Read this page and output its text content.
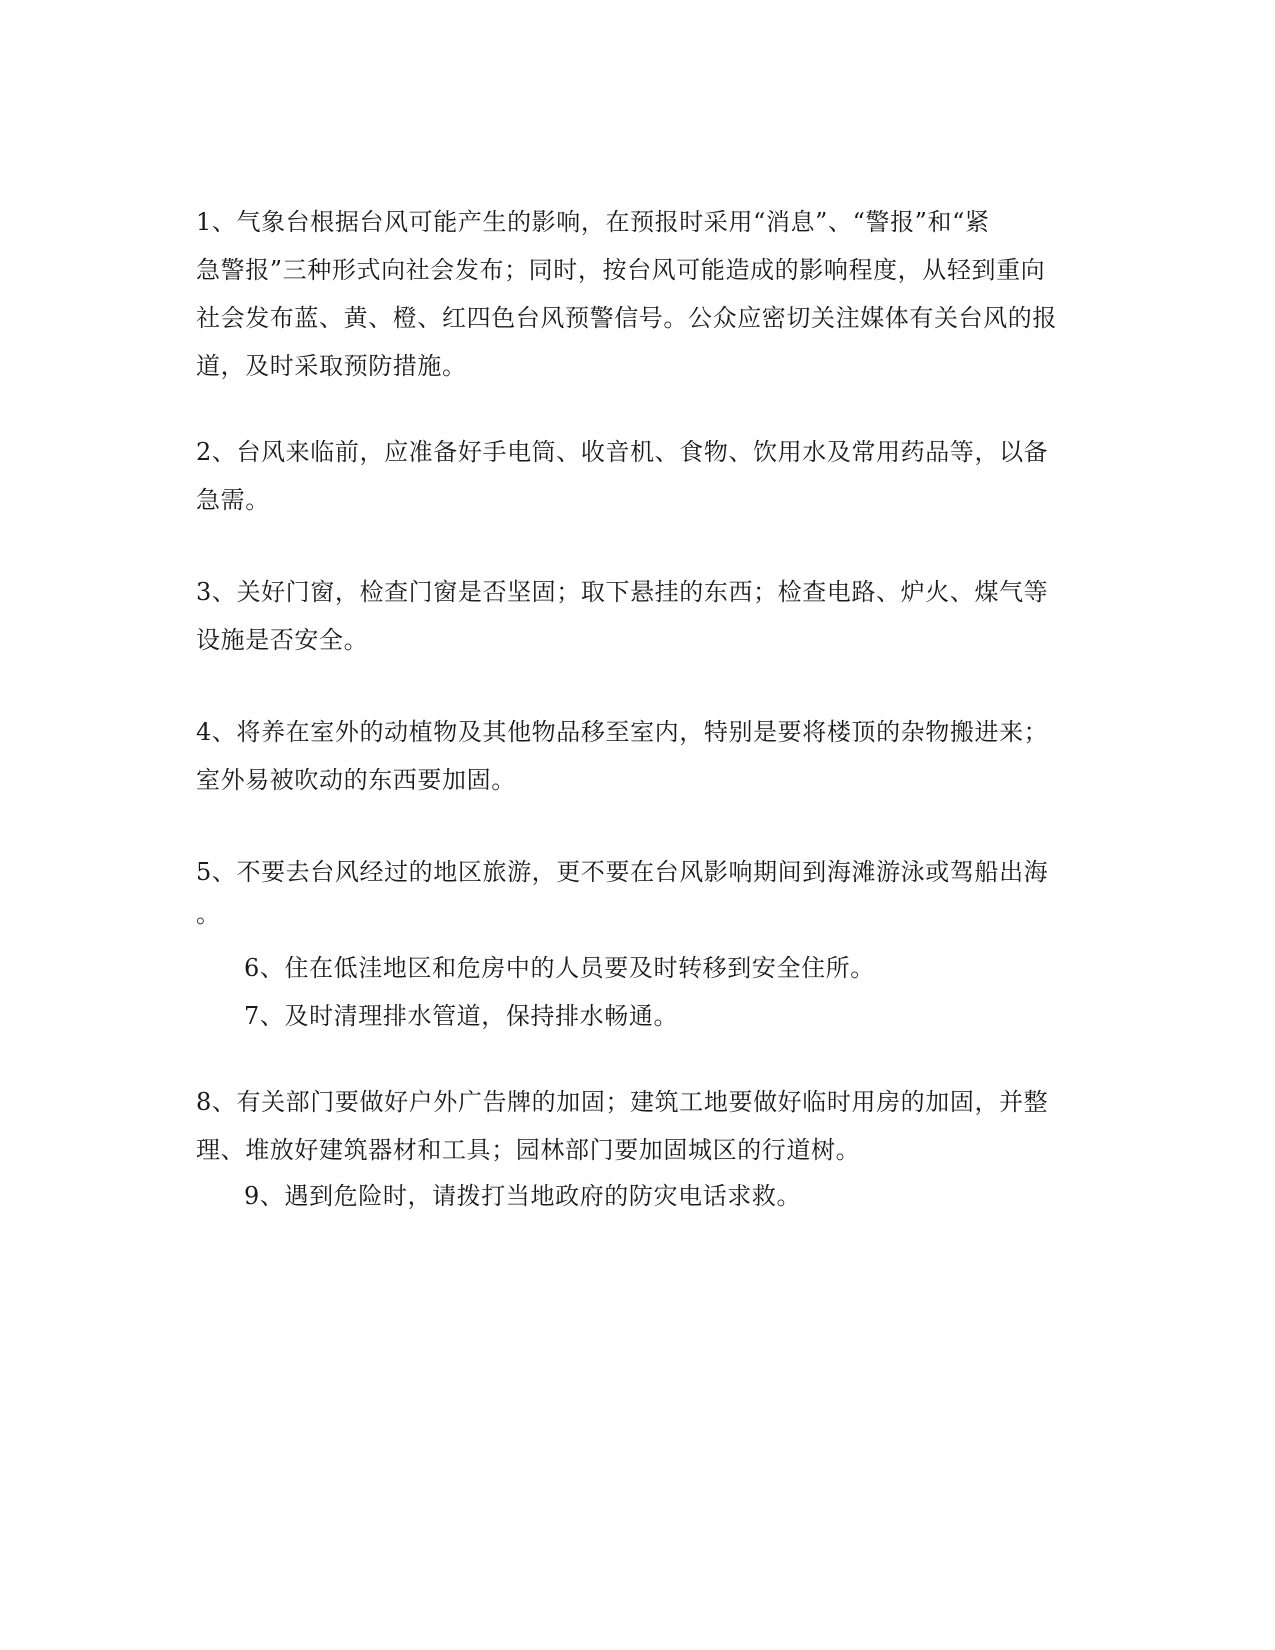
1、气象台根据台风可能产生的影响，在预报时采用“消息”、“警报”和“紧
急警报”三种形式向社会发布；同时，按台风可能造成的影响程度，从轻到重向
社会发布蓝、黄、橙、红四色台风预警信号。公众应密切关注媒体有关台风的报
道，及时采取预防措施。

2、台风来临前，应准备好手电筒、收音机、食物、饮用水及常用药品等，以备
急需。

3、关好门窗，检查门窗是否坚固；取下悬挂的东西；检查电路、炉火、煤气等
设施是否安全。

4、将养在室外的动植物及其他物品移至室内，特别是要将楼顶的杂物搬进来；
室外易被吹动的东西要加固。

5、不要去台风经过的地区旅游，更不要在台风影响期间到海滩游泳或驾船出海
。

6、住在低洼地区和危房中的人员要及时转移到安全住所。

7、及时清理排水管道，保持排水畅通。

8、有关部门要做好户外广告牌的加固；建筑工地要做好临时用房的加固，并整
理、堆放好建筑器材和工具；园林部门要加固城区的行道树。

9、遇到危险时，请拨打当地政府的防灾电话求救。
